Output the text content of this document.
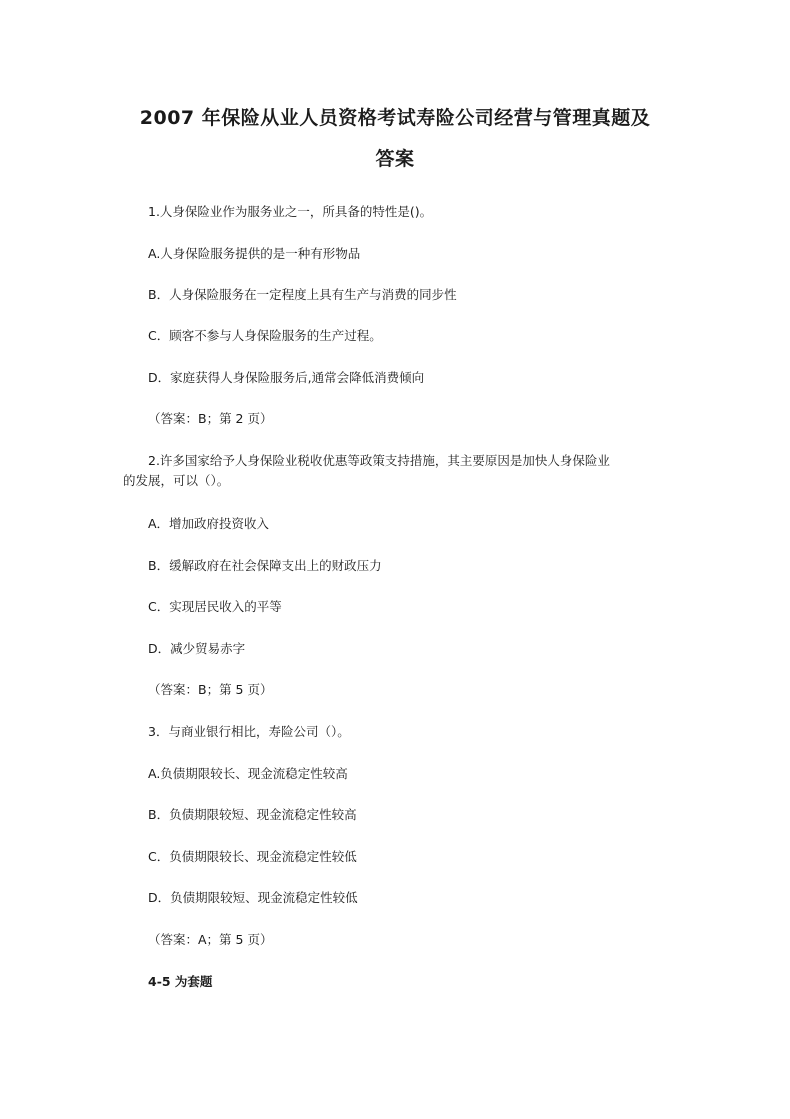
2007 年保险从业人员资格考试寿险公司经营与管理真题及
答案
1.人身保险业作为服务业之一，所具备的特性是()。
A.人身保险服务提供的是一种有形物品
B．人身保险服务在一定程度上具有生产与消费的同步性
C．顾客不参与人身保险服务的生产过程。
D．家庭获得人身保险服务后,通常会降低消费倾向
（答案：B；第 2 页）
2.许多国家给予人身保险业税收优惠等政策支持措施，其主要原因是加快人身保险业
的发展，可以（）。
A．增加政府投资收入
B．缓解政府在社会保障支出上的财政压力
C．实现居民收入的平等
D．减少贸易赤字
（答案：B；第 5 页）
3．与商业银行相比，寿险公司（）。
A.负债期限较长、现金流稳定性较高
B．负债期限较短、现金流稳定性较高
C．负债期限较长、现金流稳定性较低
D．负债期限较短、现金流稳定性较低
（答案：A；第 5 页）
4-5 为套题
